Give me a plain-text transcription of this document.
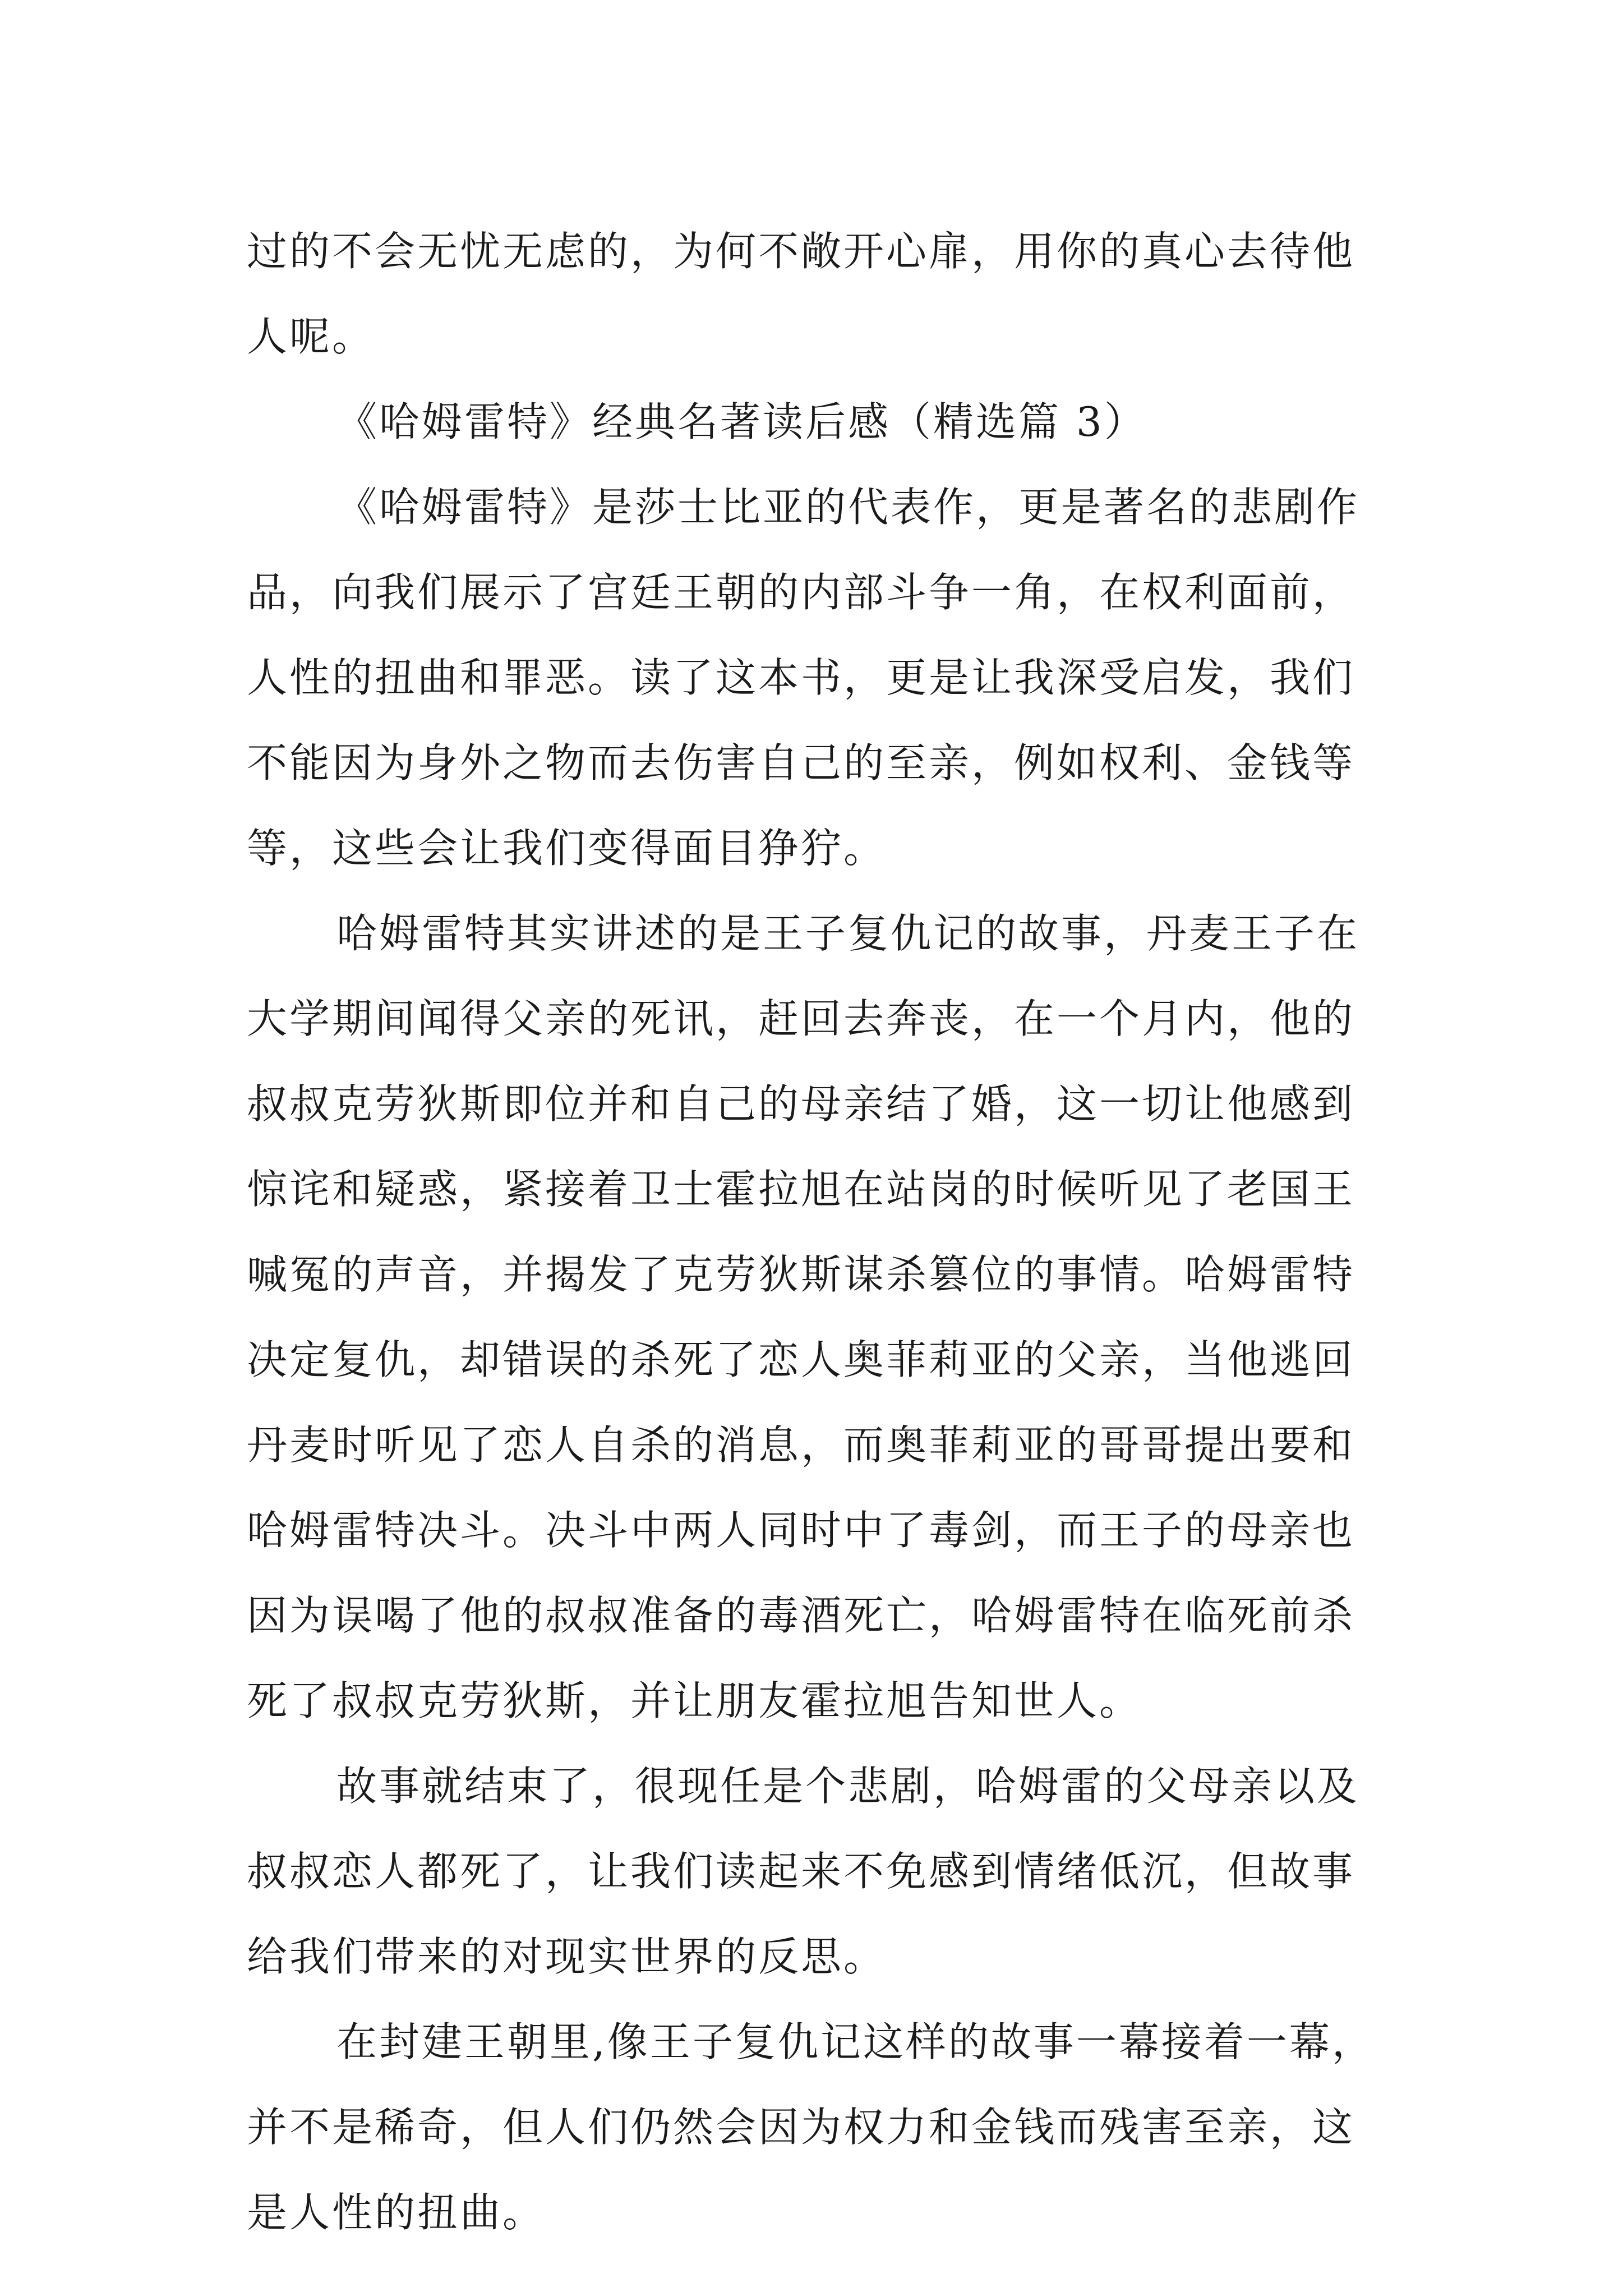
过的不会无忧无虑的，为何不敞开心扉，用你的真心去待他
人呢。
《哈姆雷特》经典名著读后感（精选篇 3）
《哈姆雷特》是莎士比亚的代表作，更是著名的悲剧作
品，向我们展示了宫廷王朝的内部斗争一角，在权利面前，
人性的扭曲和罪恶。读了这本书，更是让我深受启发，我们
不能因为身外之物而去伤害自己的至亲，例如权利、金钱等
等，这些会让我们变得面目狰狞。
哈姆雷特其实讲述的是王子复仇记的故事，丹麦王子在
大学期间闻得父亲的死讯，赶回去奔丧，在一个月内，他的
叔叔克劳狄斯即位并和自己的母亲结了婚，这一切让他感到
惊诧和疑惑，紧接着卫士霍拉旭在站岗的时候听见了老国王
喊冤的声音，并揭发了克劳狄斯谋杀篡位的事情。哈姆雷特
决定复仇，却错误的杀死了恋人奥菲莉亚的父亲，当他逃回
丹麦时听见了恋人自杀的消息，而奥菲莉亚的哥哥提出要和
哈姆雷特决斗。决斗中两人同时中了毒剑，而王子的母亲也
因为误喝了他的叔叔准备的毒酒死亡，哈姆雷特在临死前杀
死了叔叔克劳狄斯，并让朋友霍拉旭告知世人。
故事就结束了，很现任是个悲剧，哈姆雷的父母亲以及
叔叔恋人都死了，让我们读起来不免感到情绪低沉，但故事
给我们带来的对现实世界的反思。
在封建王朝里,像王子复仇记这样的故事一幕接着一幕，
并不是稀奇，但人们仍然会因为权力和金钱而残害至亲，这
是人性的扭曲。
